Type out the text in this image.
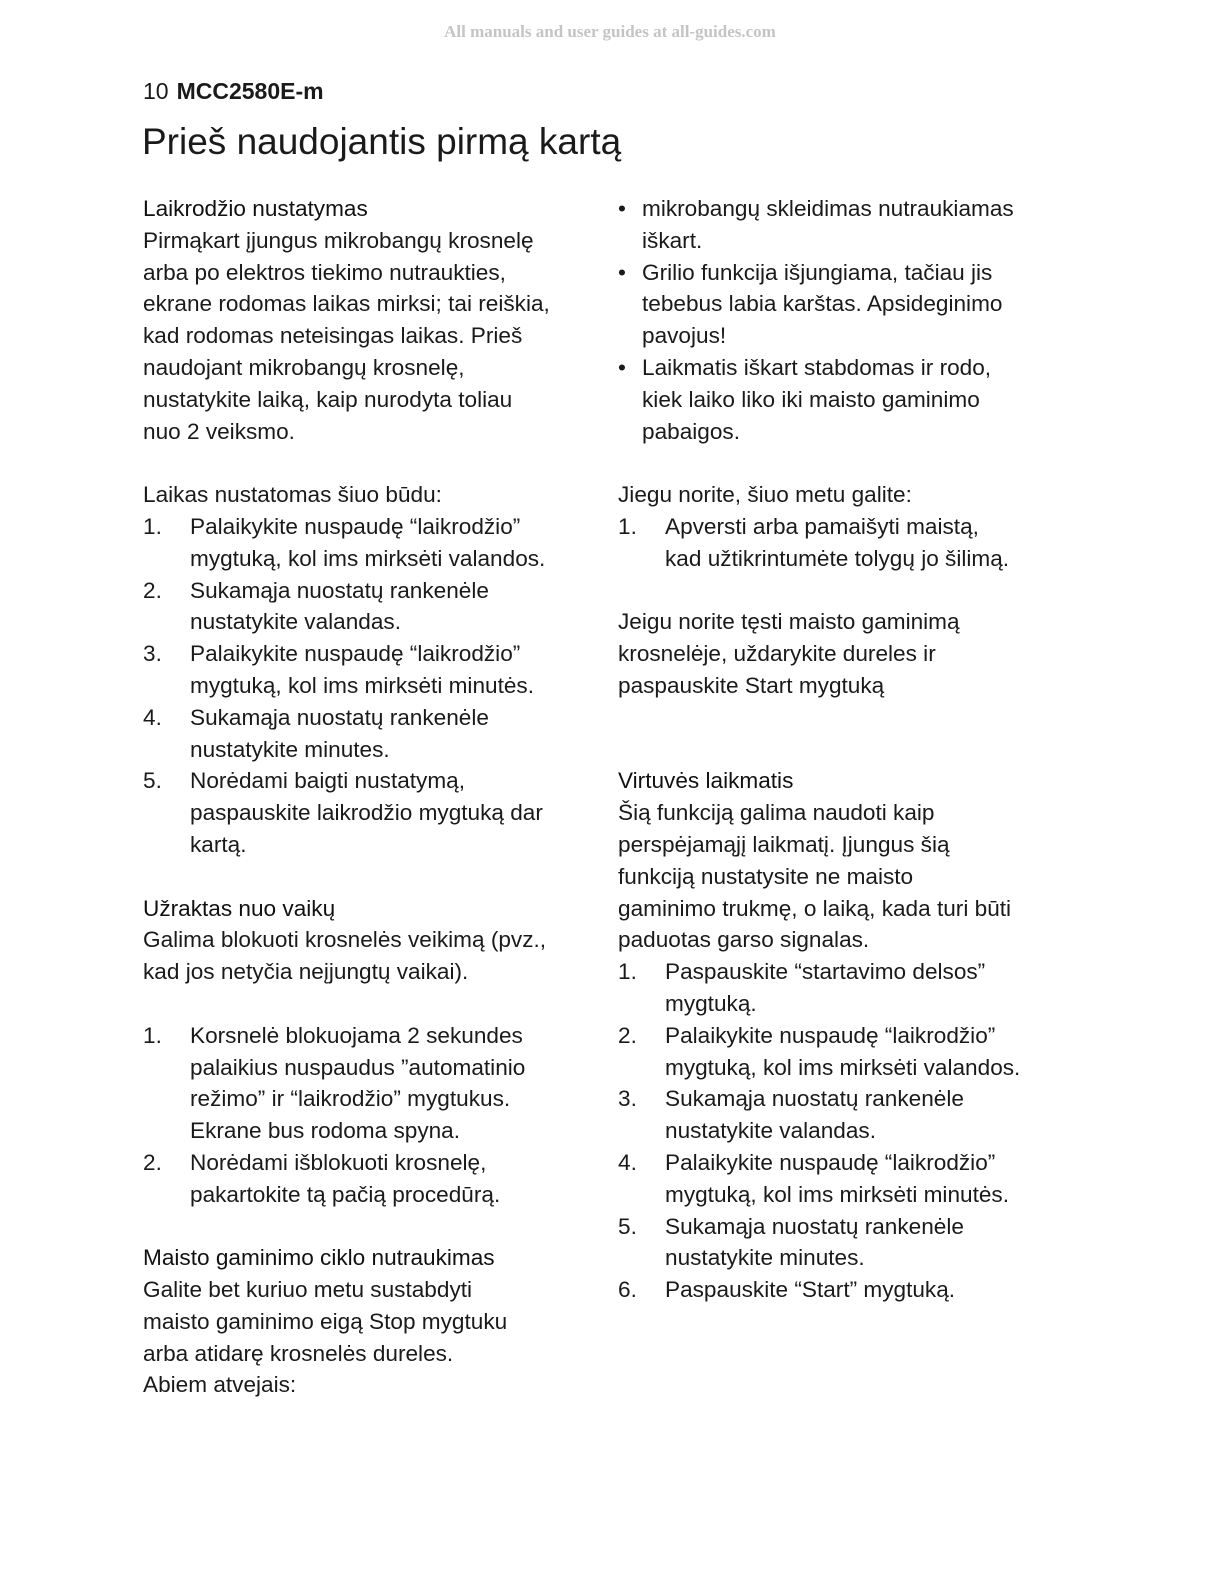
All manuals and user guides at all-guides.com
10 MCC2580E-m
Prieš naudojantis pirmą kartą
Laikrodžio nustatymas
Pirmąkart įjungus mikrobangų krosnelę
arba po elektros tiekimo nutraukties,
ekrane rodomas laikas mirksi; tai reiškia,
kad rodomas neteisingas laikas. Prieš
naudojant mikrobangų krosnelę,
nustatykite laiką, kaip nurodyta toliau
nuo 2 veiksmo.

Laikas nustatomas šiuo būdu:

1. Palaikykite nuspaudę “laikrodžio”
mygtuką, kol ims mirksėti valandos.
2. Sukamąja nuostatų rankenėle
nustatykite valandas.
3. Palaikykite nuspaudę “laikrodžio”
mygtuką, kol ims mirksėti minutės.
4. Sukamąja nuostatų rankenėle
nustatykite minutes.
5. Norėdami baigti nustatymą,
paspauskite laikrodžio mygtuką dar
kartą.
Užraktas nuo vaikų
Galima blokuoti krosnelės veikimą (pvz.,
kad jos netyčia neįjungtų vaikai).
1. Korsnelė blokuojama 2 sekundes
palaikius nuspaudus ”automatinio
režimo” ir “laikrodžio” mygtukus.
Ekrane bus rodoma spyna.
2. Norėdami išblokuoti krosnelę,
pakartokite tą pačią procedūrą.
Maisto gaminimo ciklo nutraukimas
Galite bet kuriuo metu sustabdyti
maisto gaminimo eigą Stop mygtuku
arba atidarę krosnelės dureles.
Abiem atvejais:
• mikrobangų skleidimas nutraukiamas
iškart.
• Grilio funkcija išjungiama, tačiau jis
tebebus labia karštas. Apsideginimo
pavojus!
• Laikmatis iškart stabdomas ir rodo,
kiek laiko liko iki maisto gaminimo
pabaigos.

Jiegu norite, šiuo metu galite:

1. Apversti arba pamaišyti maistą,
kad užtikrintumėte tolygų jo šilimą.
Jeigu norite tęsti maisto gaminimą
krosnelėje, uždarykite dureles ir
paspauskite Start mygtuką
Virtuvės laikmatis
Šią funkciją galima naudoti kaip
perspėjamąjį laikmatį. Įjungus šią
funkciją nustatysite ne maisto
gaminimo trukmę, o laiką, kada turi būti
paduotas garso signalas.
1. Paspauskite “startavimo delsos”
mygtuką.
2. Palaikykite nuspaudę “laikrodžio”
mygtuką, kol ims mirksėti valandos.
3. Sukamąja nuostatų rankenėle
nustatykite valandas.
4. Palaikykite nuspaudę “laikrodžio”
mygtuką, kol ims mirksėti minutės.
5. Sukamąja nuostatų rankenėle
nustatykite minutes.
6. Paspauskite “Start” mygtuką.
